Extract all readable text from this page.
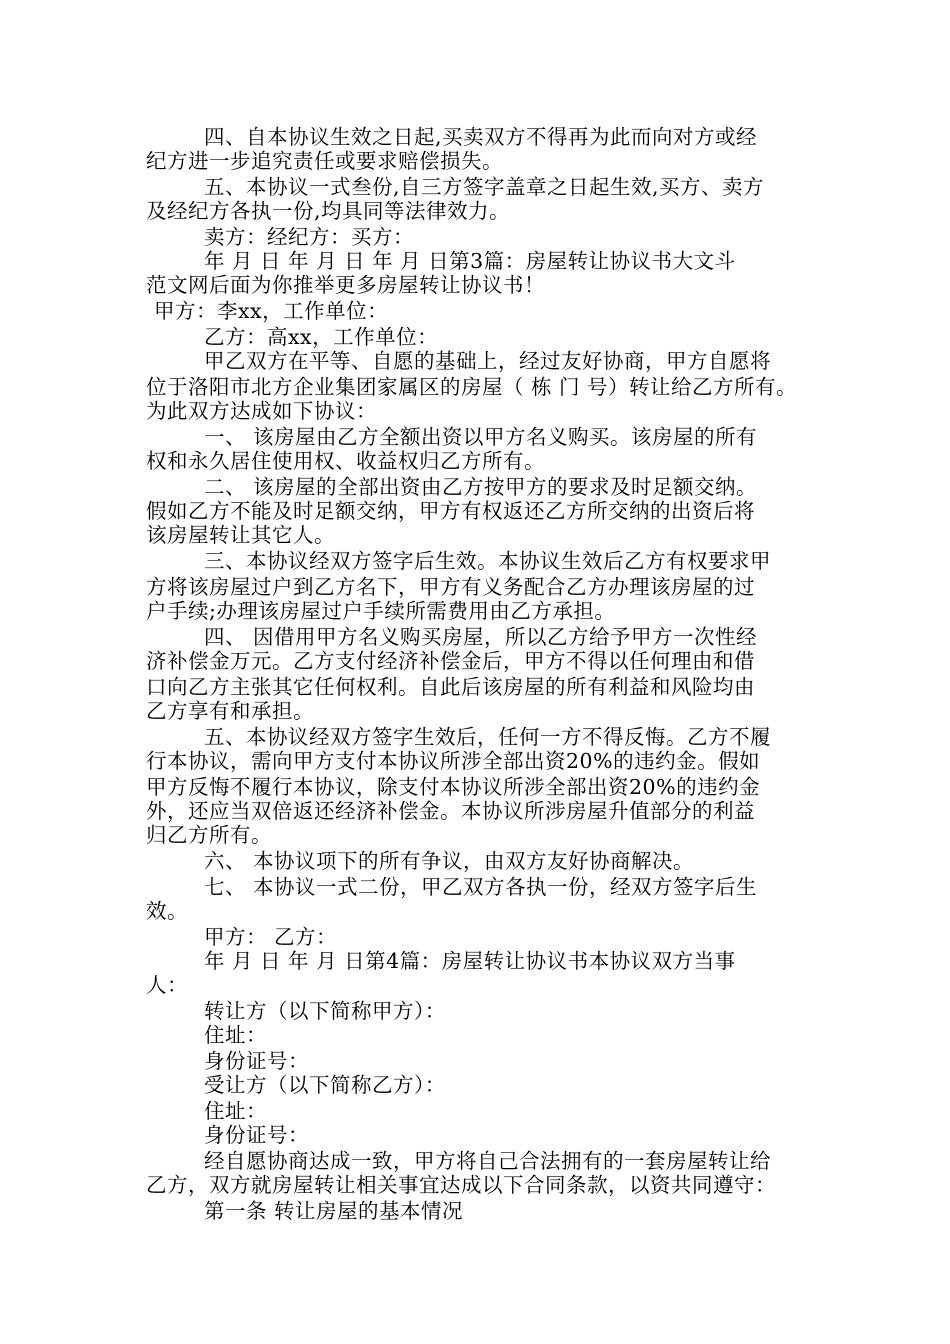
四、自本协议生效之日起,买卖双方不得再为此而向对方或经
纪方进一步追究责任或要求赔偿损失。
五、本协议一式叁份,自三方签字盖章之日起生效,买方、卖方
及经纪方各执一份,均具同等法律效力。
卖方：经纪方：买方：
年 月 日 年 月 日 年 月 日第3篇：房屋转让协议书大文斗
范文网后面为你推举更多房屋转让协议书！
甲方：李xx，工作单位：
乙方：高xx，工作单位：
甲乙双方在平等、自愿的基础上，经过友好协商，甲方自愿将
位于洛阳市北方企业集团家属区的房屋（ 栋 门 号）转让给乙方所有。
为此双方达成如下协议：
一、 该房屋由乙方全额出资以甲方名义购买。该房屋的所有
权和永久居住使用权、收益权归乙方所有。
二、 该房屋的全部出资由乙方按甲方的要求及时足额交纳。
假如乙方不能及时足额交纳，甲方有权返还乙方所交纳的出资后将
该房屋转让其它人。
三、本协议经双方签字后生效。本协议生效后乙方有权要求甲
方将该房屋过户到乙方名下，甲方有义务配合乙方办理该房屋的过
户手续;办理该房屋过户手续所需费用由乙方承担。
四、 因借用甲方名义购买房屋，所以乙方给予甲方一次性经
济补偿金万元。乙方支付经济补偿金后，甲方不得以任何理由和借
口向乙方主张其它任何权利。自此后该房屋的所有利益和风险均由
乙方享有和承担。
五、本协议经双方签字生效后，任何一方不得反悔。乙方不履
行本协议，需向甲方支付本协议所涉全部出资20%的违约金。假如
甲方反悔不履行本协议，除支付本协议所涉全部出资20%的违约金
外，还应当双倍返还经济补偿金。本协议所涉房屋升值部分的利益
归乙方所有。
六、 本协议项下的所有争议，由双方友好协商解决。
七、 本协议一式二份，甲乙双方各执一份，经双方签字后生
效。
甲方： 乙方：
年 月 日 年 月 日第4篇：房屋转让协议书本协议双方当事
人：
转让方（以下简称甲方）：
住址：
身份证号：
受让方（以下简称乙方）：
住址：
身份证号：
经自愿协商达成一致，甲方将自己合法拥有的一套房屋转让给
乙方，双方就房屋转让相关事宜达成以下合同条款，以资共同遵守：
第一条 转让房屋的基本情况
